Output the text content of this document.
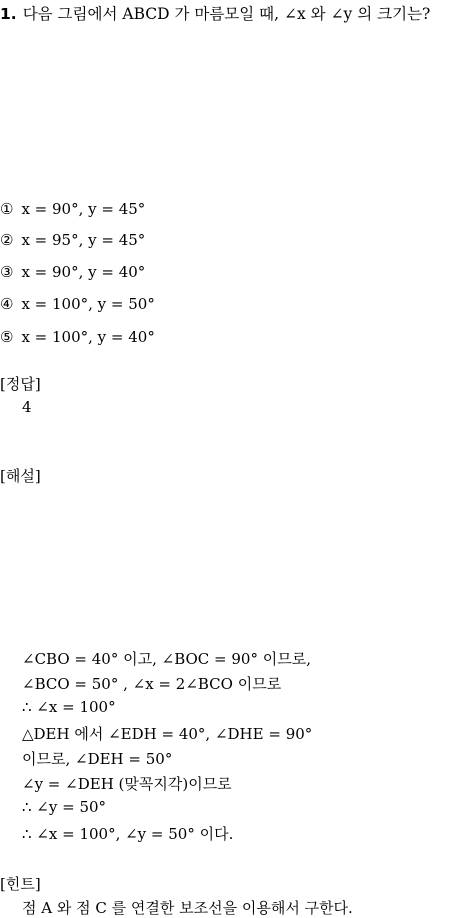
1. 다음 그림에서 ABCD 가 마름모일 때, ∠x 와 ∠y 의 크기는?
① x = 90°, y = 45°
② x = 95°, y = 45°
③ x = 90°, y = 40°
④ x = 100°, y = 50°
⑤ x = 100°, y = 40°
[정답]
4
[해설]
∠CBO = 40° 이고, ∠BOC = 90° 이므로,
∠BCO = 50° , ∠x = 2∠BCO 이므로
∴ ∠x = 100°
△DEH 에서 ∠EDH = 40°, ∠DHE = 90°
이므로, ∠DEH = 50°
∠y = ∠DEH (맞꼭지각)이므로
∴ ∠y = 50°
∴ ∠x = 100°, ∠y = 50° 이다.
[힌트]
점 A 와 점 C 를 연결한 보조선을 이용해서 구한다.
